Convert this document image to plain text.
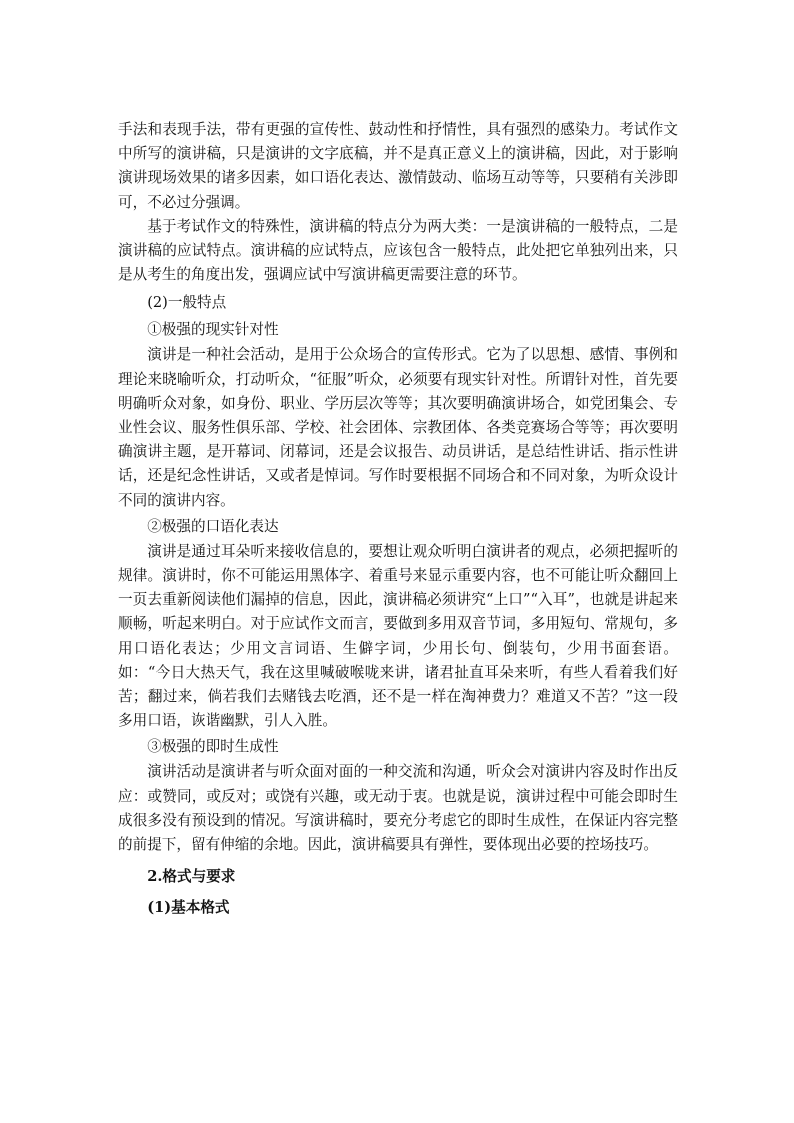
手法和表现手法，带有更强的宣传性、鼓动性和抒情性，具有强烈的感染力。考试作文中所写的演讲稿，只是演讲的文字底稿，并不是真正意义上的演讲稿，因此，对于影响演讲现场效果的诸多因素，如口语化表达、激情鼓动、临场互动等等，只要稍有关涉即可，不必过分强调。

基于考试作文的特殊性，演讲稿的特点分为两大类：一是演讲稿的一般特点，二是演讲稿的应试特点。演讲稿的应试特点，应该包含一般特点，此处把它单独列出来，只是从考生的角度出发，强调应试中写演讲稿更需要注意的环节。

(2)一般特点

①极强的现实针对性

演讲是一种社会活动，是用于公众场合的宣传形式。它为了以思想、感情、事例和理论来晓喻听众，打动听众，“征服”听众，必须要有现实针对性。所谓针对性，首先要明确听众对象，如身份、职业、学历层次等等；其次要明确演讲场合，如党团集会、专业性会议、服务性俱乐部、学校、社会团体、宗教团体、各类竞赛场合等等；再次要明确演讲主题，是开幕词、闭幕词，还是会议报告、动员讲话，是总结性讲话、指示性讲话，还是纪念性讲话，又或者是悼词。写作时要根据不同场合和不同对象，为听众设计不同的演讲内容。

②极强的口语化表达

演讲是通过耳朵听来接收信息的，要想让观众听明白演讲者的观点，必须把握听的规律。演讲时，你不可能运用黑体字、着重号来显示重要内容，也不可能让听众翻回上一页去重新阅读他们漏掉的信息，因此，演讲稿必须讲究“上口”“入耳”，也就是讲起来顺畅，听起来明白。对于应试作文而言，要做到多用双音节词，多用短句、常规句，多用口语化表达；少用文言词语、生僻字词，少用长句、倒装句，少用书面套语。如：“今日大热天气，我在这里喊破喉咙来讲，诸君扯直耳朵来听，有些人看着我们好苦；翻过来，倘若我们去赌钱去吃酒，还不是一样在淘神费力？难道又不苦？”这一段多用口语，诙谐幽默，引人入胜。

③极强的即时生成性

演讲活动是演讲者与听众面对面的一种交流和沟通，听众会对演讲内容及时作出反应：或赞同，或反对；或饶有兴趣，或无动于衷。也就是说，演讲过程中可能会即时生成很多没有预设到的情况。写演讲稿时，要充分考虑它的即时生成性，在保证内容完整的前提下，留有伸缩的余地。因此，演讲稿要具有弹性，要体现出必要的控场技巧。

2.格式与要求

(1)基本格式
